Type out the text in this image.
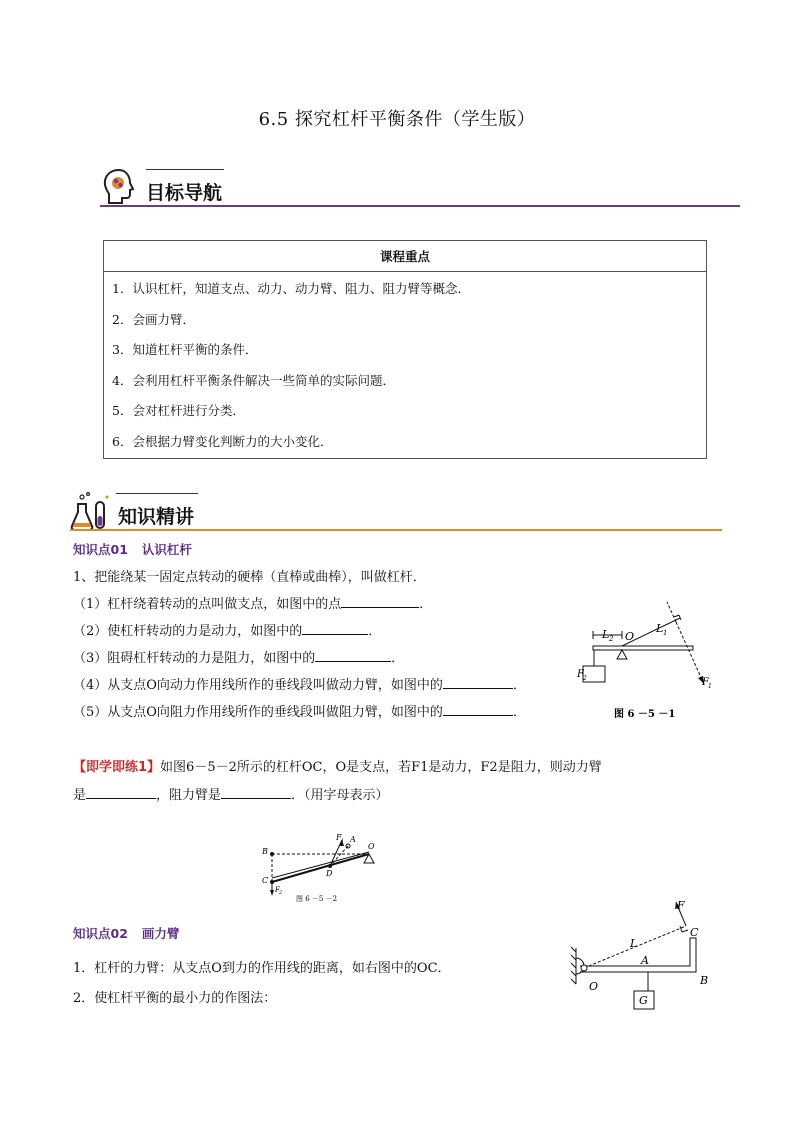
6.5 探究杠杆平衡条件（学生版）
目标导航
课程重点

1．认识杠杆，知道支点、动力、动力臂、阻力、阻力臂等概念．
2．会画力臂．
3．知道杠杆平衡的条件．
4．会利用杠杆平衡条件解决一些简单的实际问题．
5．会对杠杆进行分类．
6．会根据力臂变化判断力的大小变化．
知识精讲
知识点01 认识杠杆
1、把能绕某一固定点转动的硬棒（直棒或曲棒），叫做杠杆．
（1）杠杆绕着转动的点叫做支点，如图中的点	．
（2）使杠杆转动的力是动力，如图中的	．
（3）阻碍杠杆转动的力是阻力，如图中的	．
（4）从支点O向动力作用线所作的垂线段叫做动力臂，如图中的	．
（5）从支点O向阻力作用线所作的垂线段叫做阻力臂，如图中的	．
L 2 O
L 1
F 2	F 1
图 6 －5 －1
【即学即练1】如图6－5－2所示的杠杆OC，O是支点，若F1是动力，F2是阻力，则动力臂
是	，阻力臂是	．（用字母表示）
B
F 1 A
O
C
D
F 2
图 6 －5 －2
知识点02 画力臂
1．杠杆的力臂：从支点O到力的作用线的距离，如右图中的OC．
2．使杠杆平衡的最小力的作图法：
F
C
L
A
B
O
G
